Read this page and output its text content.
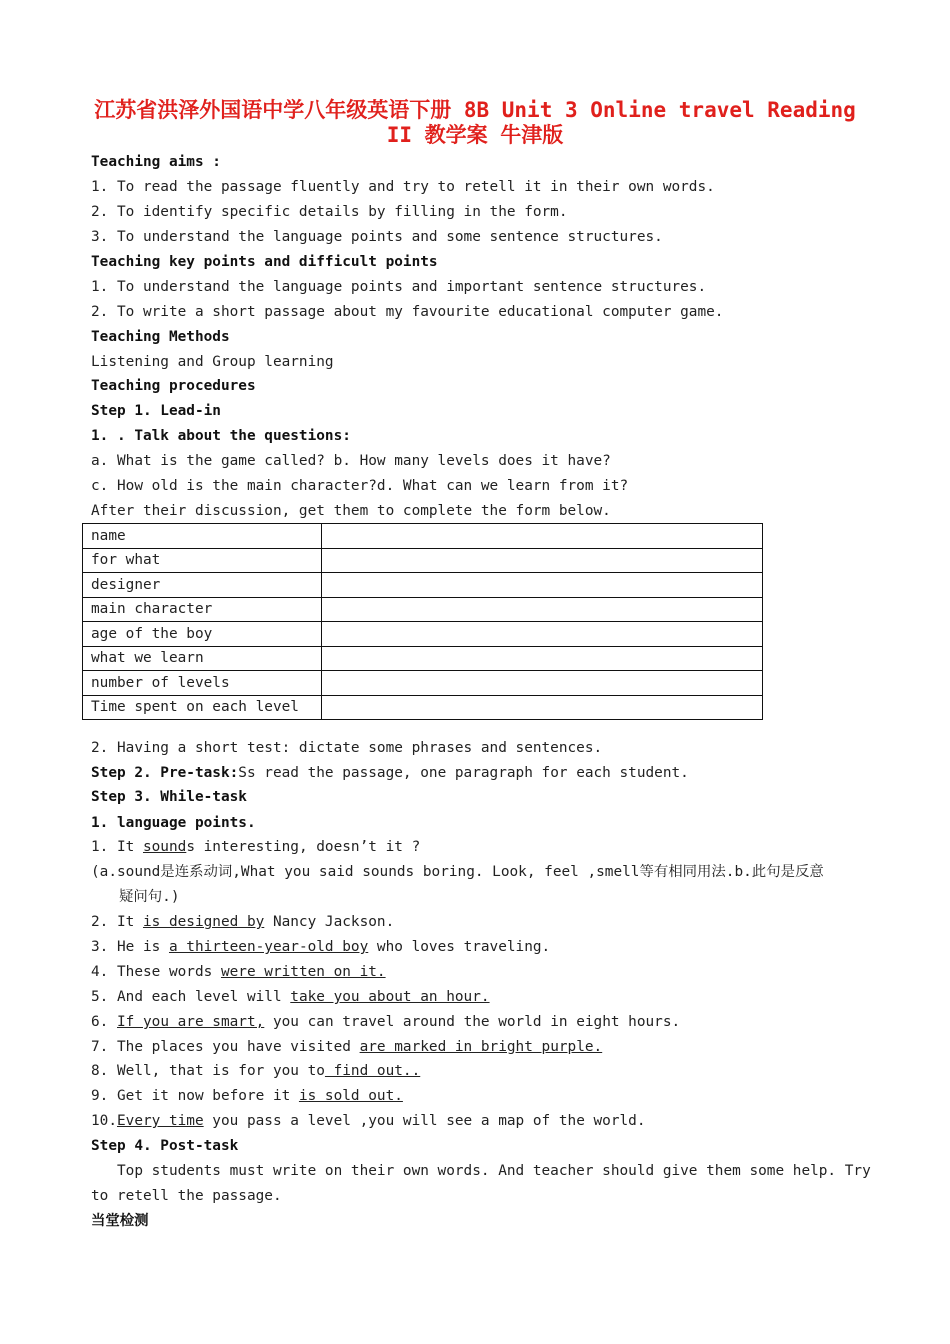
江苏省洪泽外国语中学八年级英语下册 8B Unit 3 Online travel Reading
II 教学案 牛津版
Teaching aims :
1. To read the passage fluently and try to retell it in their own words.
2. To identify specific details by filling in the form.
3. To understand the language points and some sentence structures.
Teaching key points and difficult points
1. To understand the language points and important sentence structures.
2. To write a short passage about my favourite educational computer game.
Teaching Methods
Listening and Group learning
Teaching procedures
Step 1. Lead-in
1. . Talk about the questions:
a. What is the game called? b. How many levels does it have?
c. How old is the main character?d. What can we learn from it?
After their discussion, get them to complete the form below.
name	
for what	
designer	
main character	
age of the boy	
what we learn	
number of levels	
Time spent on each level	
2. Having a short test: dictate some phrases and sentences.
Step 2. Pre-task:Ss read the passage, one paragraph for each student.
Step 3. While-task
1. language points.
1. It sounds interesting, doesn’t it ?
(a.sound是连系动词,What you said sounds boring. Look, feel ,smell等有相同用法.b.此句是反意
疑问句.)
2. It is designed by Nancy Jackson.
3. He is a thirteen-year-old boy who loves traveling.
4. These words were written on it.
5. And each level will take you about an hour.
6. If you are smart, you can travel around the world in eight hours.
7. The places you have visited are marked in bright purple.
8. Well, that is for you to find out..
9. Get it now before it is sold out.
10.Every time you pass a level ,you will see a map of the world.
Step 4. Post-task
Top students must write on their own words. And teacher should give them some help. Try
to retell the passage.
当堂检测
